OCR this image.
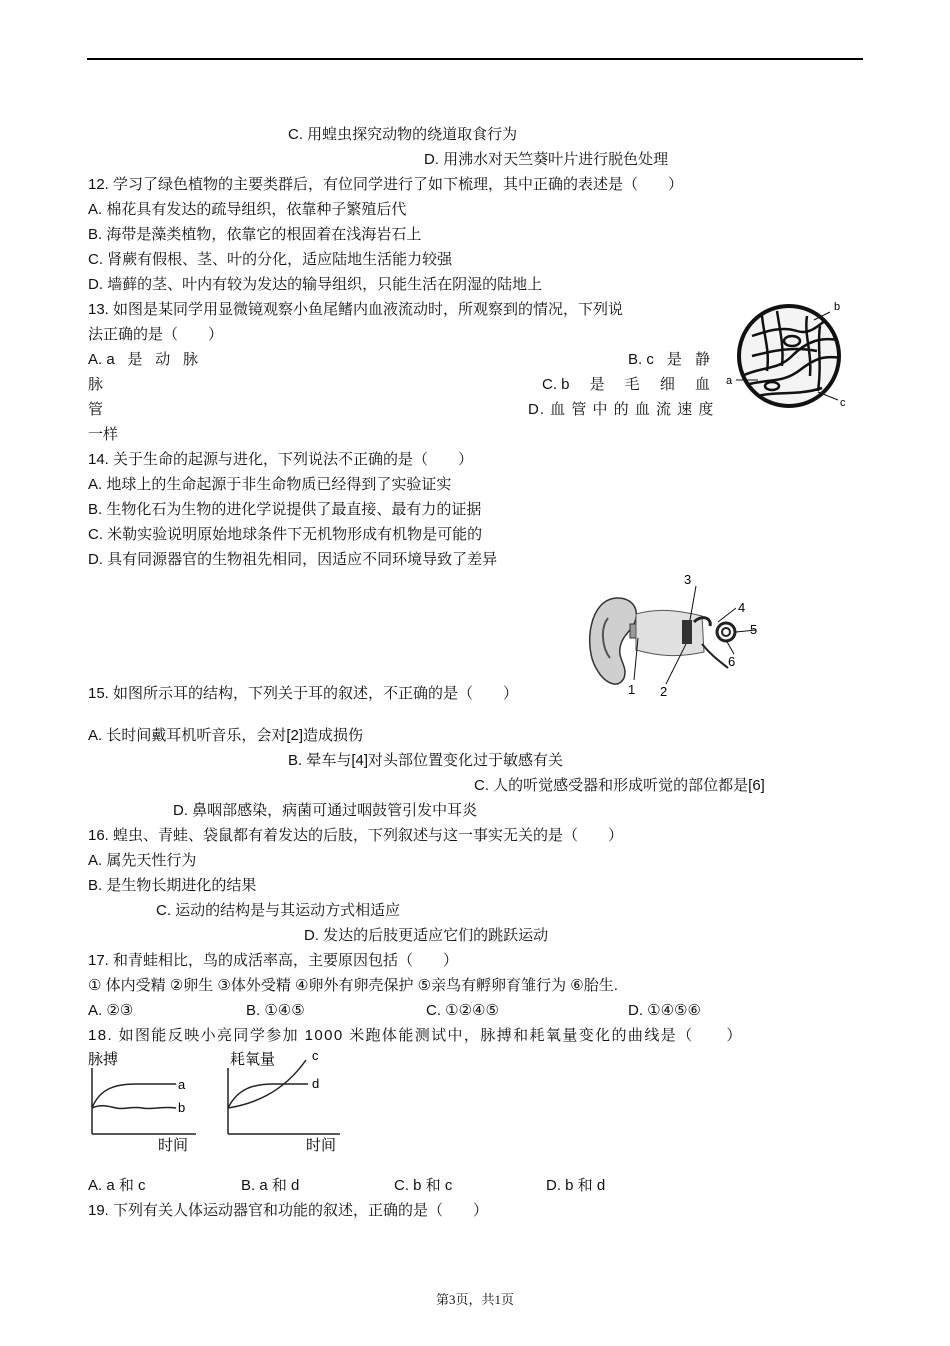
C. 用蝗虫探究动物的绕道取食行为
D. 用沸水对天竺葵叶片进行脱色处理
12. 学习了绿色植物的主要类群后，有位同学进行了如下梳理，其中正确的表述是（　　）
A. 棉花具有发达的疏导组织，依靠种子繁殖后代
B. 海带是藻类植物，依靠它的根固着在浅海岩石上
C. 肾蕨有假根、茎、叶的分化，适应陆地生活能力较强
D. 墙藓的茎、叶内有较为发达的输导组织，只能生活在阴湿的陆地上
13. 如图是某同学用显微镜观察小鱼尾鳍内血液流动时，所观察到的情况，下列说
法正确的是（　　）
A. a 是 动 脉	B. c 是 静
脉	C. b 是 毛 细 血
管	D. 血 管 中 的 血 流 速 度
一样
b
a
c
14. 关于生命的起源与进化，下列说法不正确的是（　　）
A. 地球上的生命起源于非生命物质已经得到了实验证实
B. 生物化石为生物的进化学说提供了最直接、最有力的证据
C. 米勒实验说明原始地球条件下无机物形成有机物是可能的
D. 具有同源器官的生物祖先相同，因适应不同环境导致了差异
3
4
5
6
1 2
15. 如图所示耳的结构，下列关于耳的叙述，不正确的是（　　）
A. 长时间戴耳机听音乐，会对[2]造成损伤
B. 晕车与[4]对头部位置变化过于敏感有关
C. 人的听觉感受器和形成听觉的部位都是[6]
D. 鼻咽部感染，病菌可通过咽鼓管引发中耳炎
16. 蝗虫、青蛙、袋鼠都有着发达的后肢，下列叙述与这一事实无关的是（　　）
A. 属先天性行为
B. 是生物长期进化的结果
C. 运动的结构是与其运动方式相适应
D. 发达的后肢更适应它们的跳跃运动
17. 和青蛙相比，鸟的成活率高，主要原因包括（　　）
① 体内受精 ②卵生 ③体外受精 ④卵外有卵壳保护 ⑤亲鸟有孵卵育雏行为 ⑥胎生.
A. ②③	B. ①④⑤	C. ①②④⑤	D. ①④⑤⑥
18. 如图能反映小亮同学参加 1000 米跑体能测试中，脉搏和耗氧量变化的曲线是（　　）
脉搏
时间
a
b
耗氧量
时间
c
d
A. a 和 c	B. a 和 d	C. b 和 c	D. b 和 d
19. 下列有关人体运动器官和功能的叙述，正确的是（　　）
第3页，共1页
